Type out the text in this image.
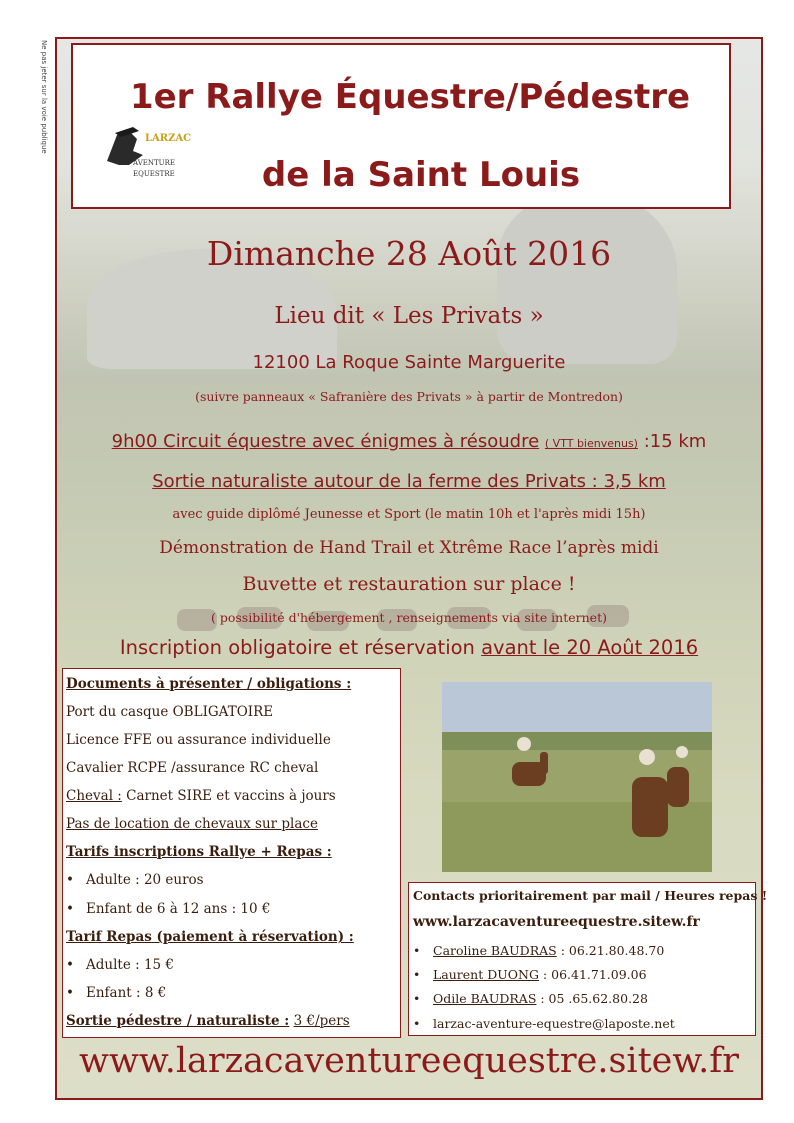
Ne pas jeter sur la voie publique	LARZAC
AVENTURE
EQUESTRE
1er Rallye Équestre/Pédestre
de la Saint Louis
Dimanche 28 Août 2016
Lieu dit « Les Privats »
12100 La Roque Sainte Marguerite
(suivre panneaux « Safranière des Privats » à partir de Montredon)
9h00 Circuit équestre avec énigmes à résoudre ( VTT bienvenus) :15 km
Sortie naturaliste autour de la ferme des Privats : 3,5 km
avec guide diplômé Jeunesse et Sport (le matin 10h et l'après midi 15h)
Démonstration de Hand Trail et Xtrême Race l’après midi
Buvette et restauration sur place !
( possibilité d'hébergement , renseignements via site internet)
Inscription obligatoire et réservation avant le 20 Août 2016
Documents à présenter / obligations :
Port du casque OBLIGATOIRE
Licence FFE ou assurance individuelle
Cavalier RCPE /assurance RC cheval
Cheval : Carnet SIRE et vaccins à jours
Pas de location de chevaux sur place
Tarifs inscriptions Rallye + Repas :
• Adulte : 20 euros
• Enfant de 6 à 12 ans : 10 €
Tarif Repas (paiement à réservation) :
• Adulte : 15 €
• Enfant : 8 €
Sortie pédestre / naturaliste : 3 €/pers
Contacts prioritairement par mail / Heures repas !
www.larzacaventureequestre.sitew.fr
• Caroline BAUDRAS : 06.21.80.48.70
• Laurent DUONG : 06.41.71.09.06
• Odile BAUDRAS : 05 .65.62.80.28
• larzac-aventure-equestre@laposte.net
www.larzacaventureequestre.sitew.fr
